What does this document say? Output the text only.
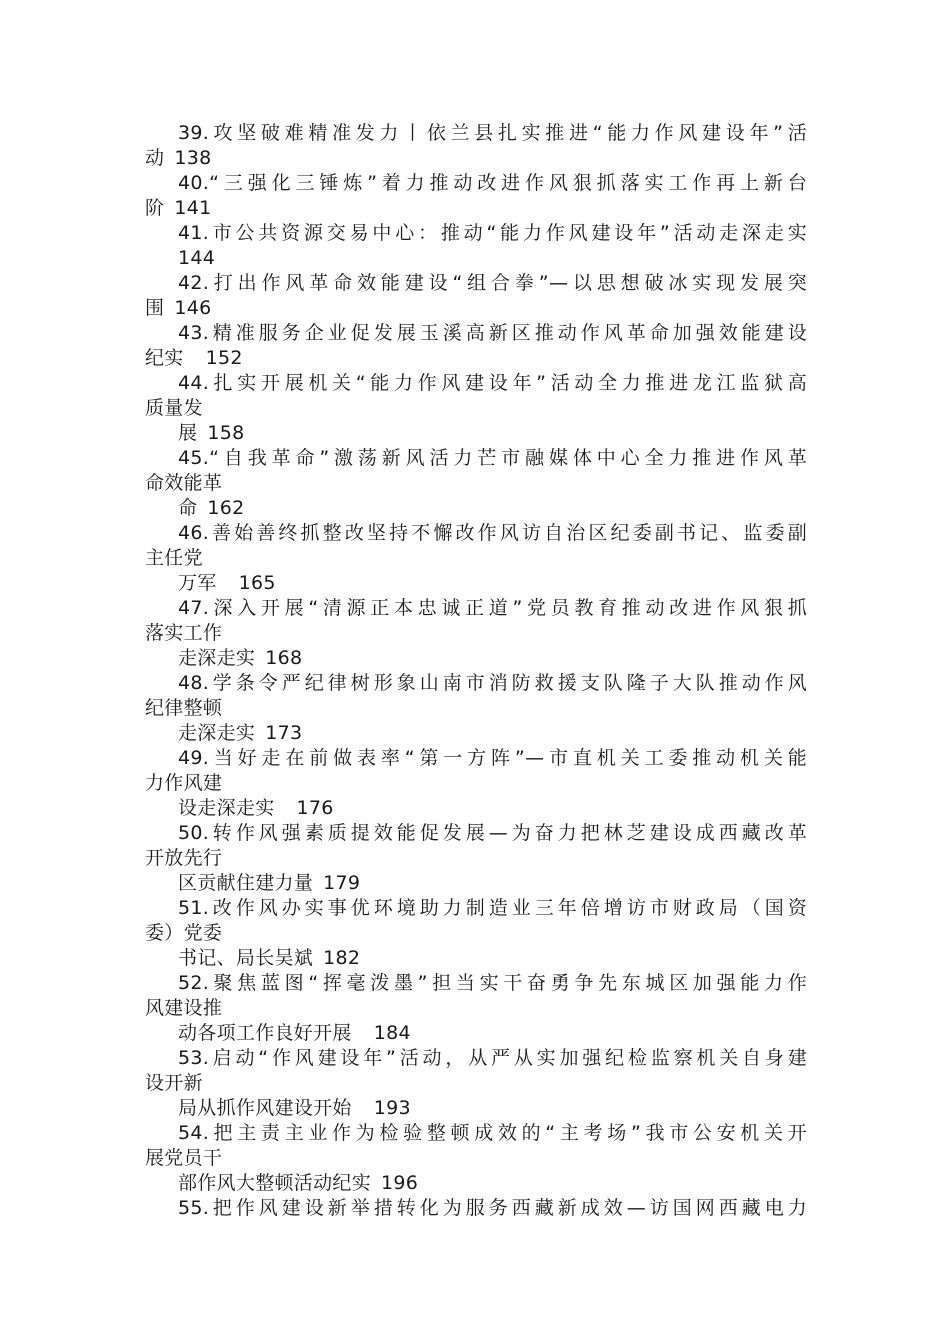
39.攻坚破难精准发力丨依兰县扎实推进“能力作风建设年”活
动 138
40.“三强化三锤炼”着力推动改进作风狠抓落实工作再上新台
阶 141
41.市公共资源交易中心：推动“能力作风建设年”活动走深走实
144
42.打出作风革命效能建设“组合拳”—以思想破冰实现发展突
围 146
43.精准服务企业促发展玉溪高新区推动作风革命加强效能建设
纪实 152
44.扎实开展机关“能力作风建设年”活动全力推进龙江监狱高
质量发
展 158
45.“自我革命”激荡新风活力芒市融媒体中心全力推进作风革
命效能革
命 162
46.善始善终抓整改坚持不懈改作风访自治区纪委副书记、监委副
主任党
万军 165
47.深入开展“清源正本忠诚正道”党员教育推动改进作风狠抓
落实工作
走深走实 168
48.学条令严纪律树形象山南市消防救援支队隆子大队推动作风
纪律整顿
走深走实 173
49.当好走在前做表率“第一方阵”—市直机关工委推动机关能
力作风建
设走深走实 176
50.转作风强素质提效能促发展—为奋力把林芝建设成西藏改革
开放先行
区贡献住建力量 179
51.改作风办实事优环境助力制造业三年倍增访市财政局（国资
委）党委
书记、局长吴斌 182
52.聚焦蓝图“挥毫泼墨”担当实干奋勇争先东城区加强能力作
风建设推
动各项工作良好开展 184
53.启动“作风建设年”活动，从严从实加强纪检监察机关自身建
设开新
局从抓作风建设开始 193
54.把主责主业作为检验整顿成效的“主考场”我市公安机关开
展党员干
部作风大整顿活动纪实 196
55.把作风建设新举措转化为服务西藏新成效—访国网西藏电力
